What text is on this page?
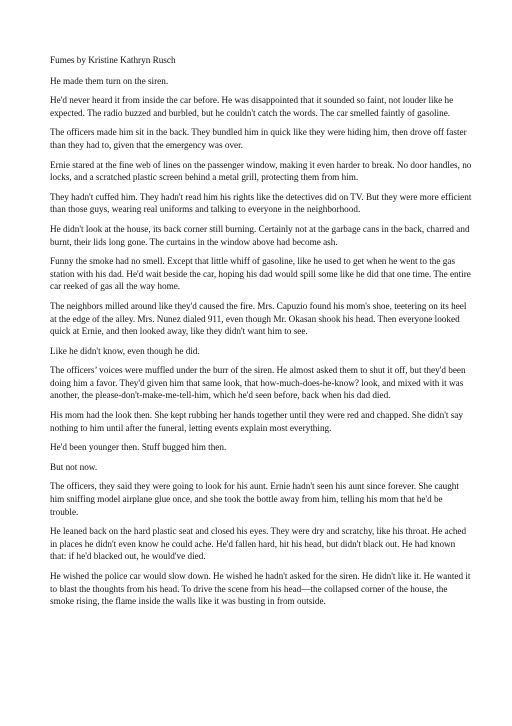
Fumes by Kristine Kathryn Rusch

He made them turn on the siren.

He'd never heard it from inside the car before. He was disappointed that it sounded so faint, not louder like he expected. The radio buzzed and burbled, but he couldn't catch the words. The car smelled faintly of gasoline.

The officers made him sit in the back. They bundled him in quick like they were hiding him, then drove off faster than they had to, given that the emergency was over.

Ernie stared at the fine web of lines on the passenger window, making it even harder to break. No door handles, no locks, and a scratched plastic screen behind a metal grill, protecting them from him.

They hadn't cuffed him. They hadn't read him his rights like the detectives did on TV. But they were more efficient than those guys, wearing real uniforms and talking to everyone in the neighborhood.

He didn't look at the house, its back corner still burning. Certainly not at the garbage cans in the back, charred and burnt, their lids long gone. The curtains in the window above had become ash.

Funny the smoke had no smell. Except that little whiff of gasoline, like he used to get when he went to the gas station with his dad. He'd wait beside the car, hoping his dad would spill some like he did that one time. The entire car reeked of gas all the way home.

The neighbors milled around like they'd caused the fire. Mrs. Capuzio found his mom's shoe, teetering on its heel at the edge of the alley. Mrs. Nunez dialed 911, even though Mr. Okasan shook his head. Then everyone looked quick at Ernie, and then looked away, like they didn't want him to see.

Like he didn't know, even though he did.

The officers’ voices were muffled under the burr of the siren. He almost asked them to shut it off, but they'd been doing him a favor. They'd given him that same look, that how-much-does-he-know? look, and mixed with it was another, the please-don't-make-me-tell-him, which he'd seen before, back when his dad died.

His mom had the look then. She kept rubbing her hands together until they were red and chapped. She didn't say nothing to him until after the funeral, letting events explain most everything.

He'd been younger then. Stuff bugged him then.

But not now.

The officers, they said they were going to look for his aunt. Ernie hadn't seen his aunt since forever. She caught him sniffing model airplane glue once, and she took the bottle away from him, telling his mom that he'd be trouble.

He leaned back on the hard plastic seat and closed his eyes. They were dry and scratchy, like his throat. He ached in places he didn't even know he could ache. He'd fallen hard, hit his head, but didn't black out. He had known that: if he'd blacked out, he would've died.

He wished the police car would slow down. He wished he hadn't asked for the siren. He didn't like it. He wanted it to blast the thoughts from his head. To drive the scene from his head—the collapsed corner of the house, the smoke rising, the flame inside the walls like it was busting in from outside.
